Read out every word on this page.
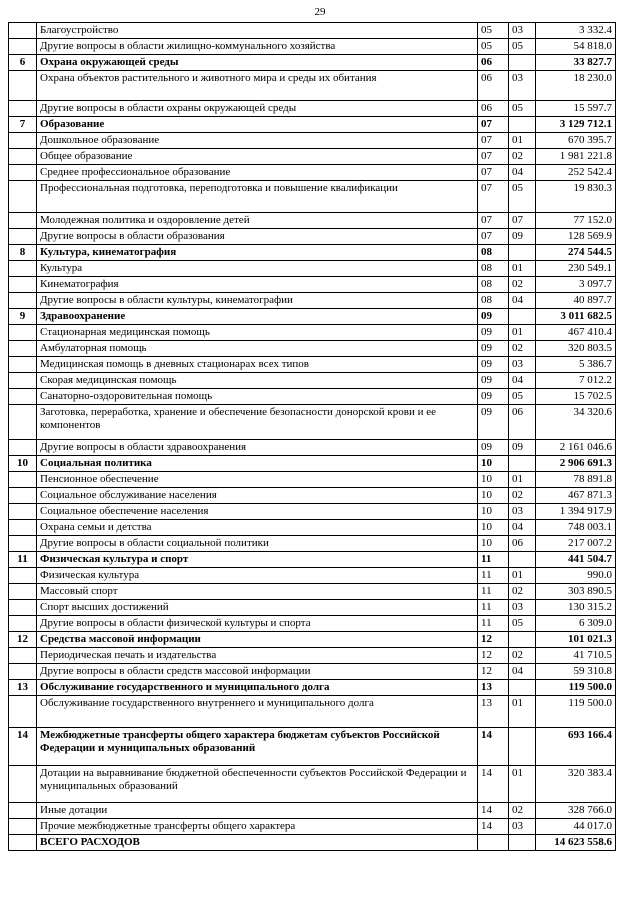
29
	Благоустройство	05	03	3 332.4
	Другие вопросы в области жилищно-коммунального хозяйства	05	05	54 818.0
6	Охрана окружающей среды	06		33 827.7
	Охрана объектов растительного и животного мира и среды их обитания	06	03	18 230.0
	Другие вопросы в области охраны окружающей среды	06	05	15 597.7
7	Образование	07		3 129 712.1
	Дошкольное образование	07	01	670 395.7
	Общее образование	07	02	1 981 221.8
	Среднее профессиональное образование	07	04	252 542.4
	Профессиональная подготовка, переподготовка и повышение квалификации	07	05	19 830.3
	Молодежная политика и оздоровление детей	07	07	77 152.0
	Другие вопросы в области образования	07	09	128 569.9
8	Культура, кинематография	08		274 544.5
	Культура	08	01	230 549.1
	Кинематография	08	02	3 097.7
	Другие вопросы в области культуры, кинематографии	08	04	40 897.7
9	Здравоохранение	09		3 011 682.5
	Стационарная медицинская помощь	09	01	467 410.4
	Амбулаторная помощь	09	02	320 803.5
	Медицинская помощь в дневных стационарах всех типов	09	03	5 386.7
	Скорая медицинская помощь	09	04	7 012.2
	Санаторно-оздоровительная помощь	09	05	15 702.5
	Заготовка, переработка, хранение и обеспечение безопасности донорской крови и ее компонентов	09	06	34 320.6
	Другие вопросы в области здравоохранения	09	09	2 161 046.6
10	Социальная политика	10		2 906 691.3
	Пенсионное обеспечение	10	01	78 891.8
	Социальное обслуживание населения	10	02	467 871.3
	Социальное обеспечение населения	10	03	1 394 917.9
	Охрана семьи и детства	10	04	748 003.1
	Другие вопросы в области социальной политики	10	06	217 007.2
11	Физическая культура и спорт	11		441 504.7
	Физическая культура	11	01	990.0
	Массовый спорт	11	02	303 890.5
	Спорт высших достижений	11	03	130 315.2
	Другие вопросы в области физической культуры и спорта	11	05	6 309.0
12	Средства массовой информации	12		101 021.3
	Периодическая печать и издательства	12	02	41 710.5
	Другие вопросы в области средств массовой информации	12	04	59 310.8
13	Обслуживание государственного и муниципального долга	13		119 500.0
	Обслуживание государственного внутреннего и муниципального долга	13	01	119 500.0
14	Межбюджетные трансферты общего характера бюджетам субъектов Российской Федерации и муниципальных образований	14		693 166.4
	Дотации на выравнивание бюджетной обеспеченности субъектов Российской Федерации и муниципальных образований	14	01	320 383.4
	Иные дотации	14	02	328 766.0
	Прочие межбюджетные трансферты общего характера	14	03	44 017.0
	ВСЕГО РАСХОДОВ			14 623 558.6
